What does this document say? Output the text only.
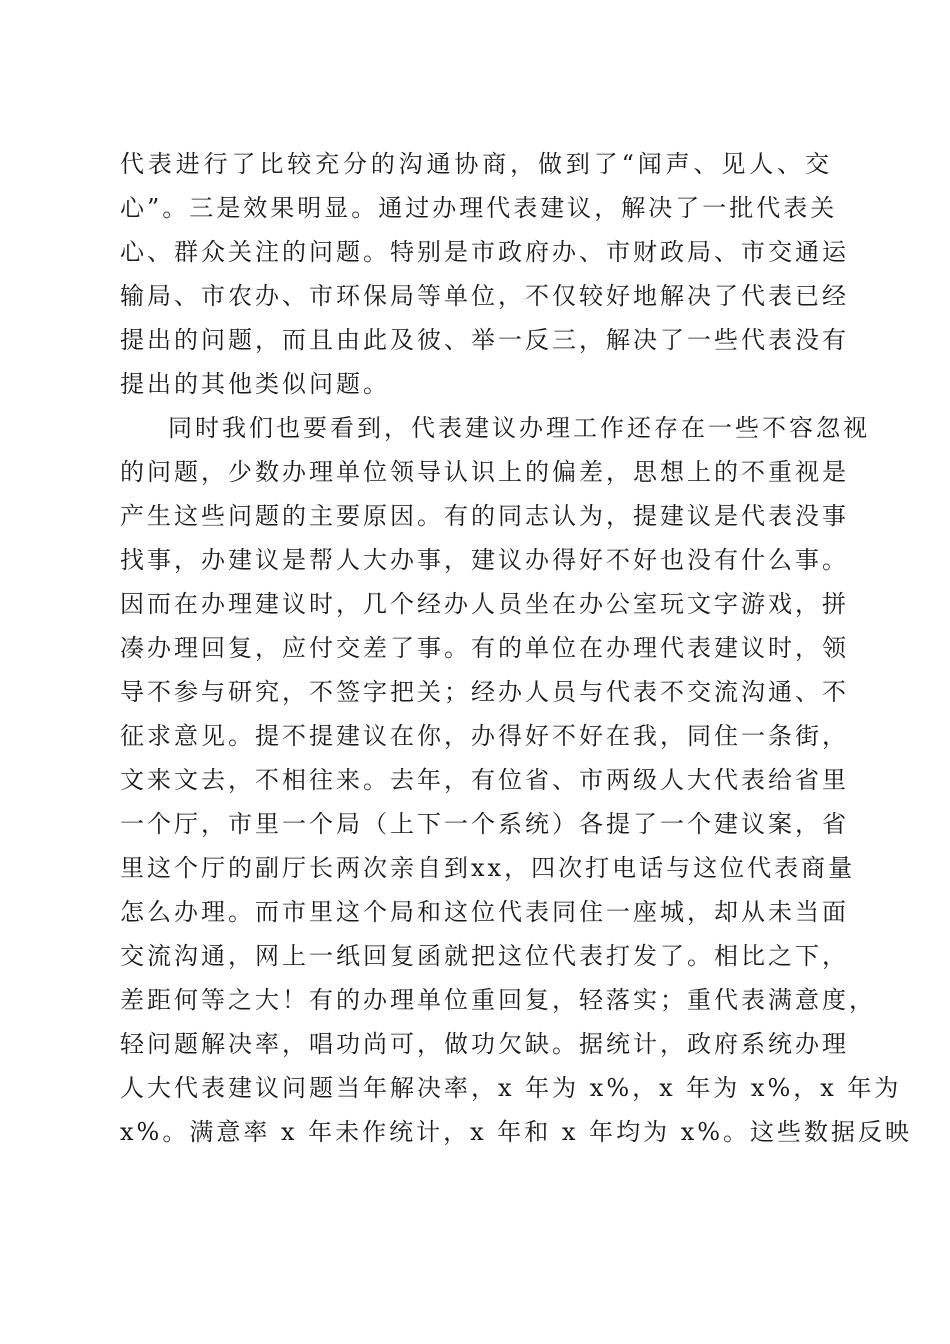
代表进行了比较充分的沟通协商，做到了“闻声、见人、交
心”。三是效果明显。通过办理代表建议，解决了一批代表关
心、群众关注的问题。特别是市政府办、市财政局、市交通运
输局、市农办、市环保局等单位，不仅较好地解决了代表已经
提出的问题，而且由此及彼、举一反三，解决了一些代表没有
提出的其他类似问题。
同时我们也要看到，代表建议办理工作还存在一些不容忽视
的问题，少数办理单位领导认识上的偏差，思想上的不重视是
产生这些问题的主要原因。有的同志认为，提建议是代表没事
找事，办建议是帮人大办事，建议办得好不好也没有什么事。
因而在办理建议时，几个经办人员坐在办公室玩文字游戏，拼
凑办理回复，应付交差了事。有的单位在办理代表建议时，领
导不参与研究，不签字把关；经办人员与代表不交流沟通、不
征求意见。提不提建议在你，办得好不好在我，同住一条街，
文来文去，不相往来。去年，有位省、市两级人大代表给省里
一个厅，市里一个局（上下一个系统）各提了一个建议案，省
里这个厅的副厅长两次亲自到xx，四次打电话与这位代表商量
怎么办理。而市里这个局和这位代表同住一座城，却从未当面
交流沟通，网上一纸回复函就把这位代表打发了。相比之下，
差距何等之大！有的办理单位重回复，轻落实；重代表满意度，
轻问题解决率，唱功尚可，做功欠缺。据统计，政府系统办理
人大代表建议问题当年解决率，x 年为 x%，x 年为 x%，x 年为
x%。满意率 x 年未作统计，x 年和 x 年均为 x%。这些数据反映
